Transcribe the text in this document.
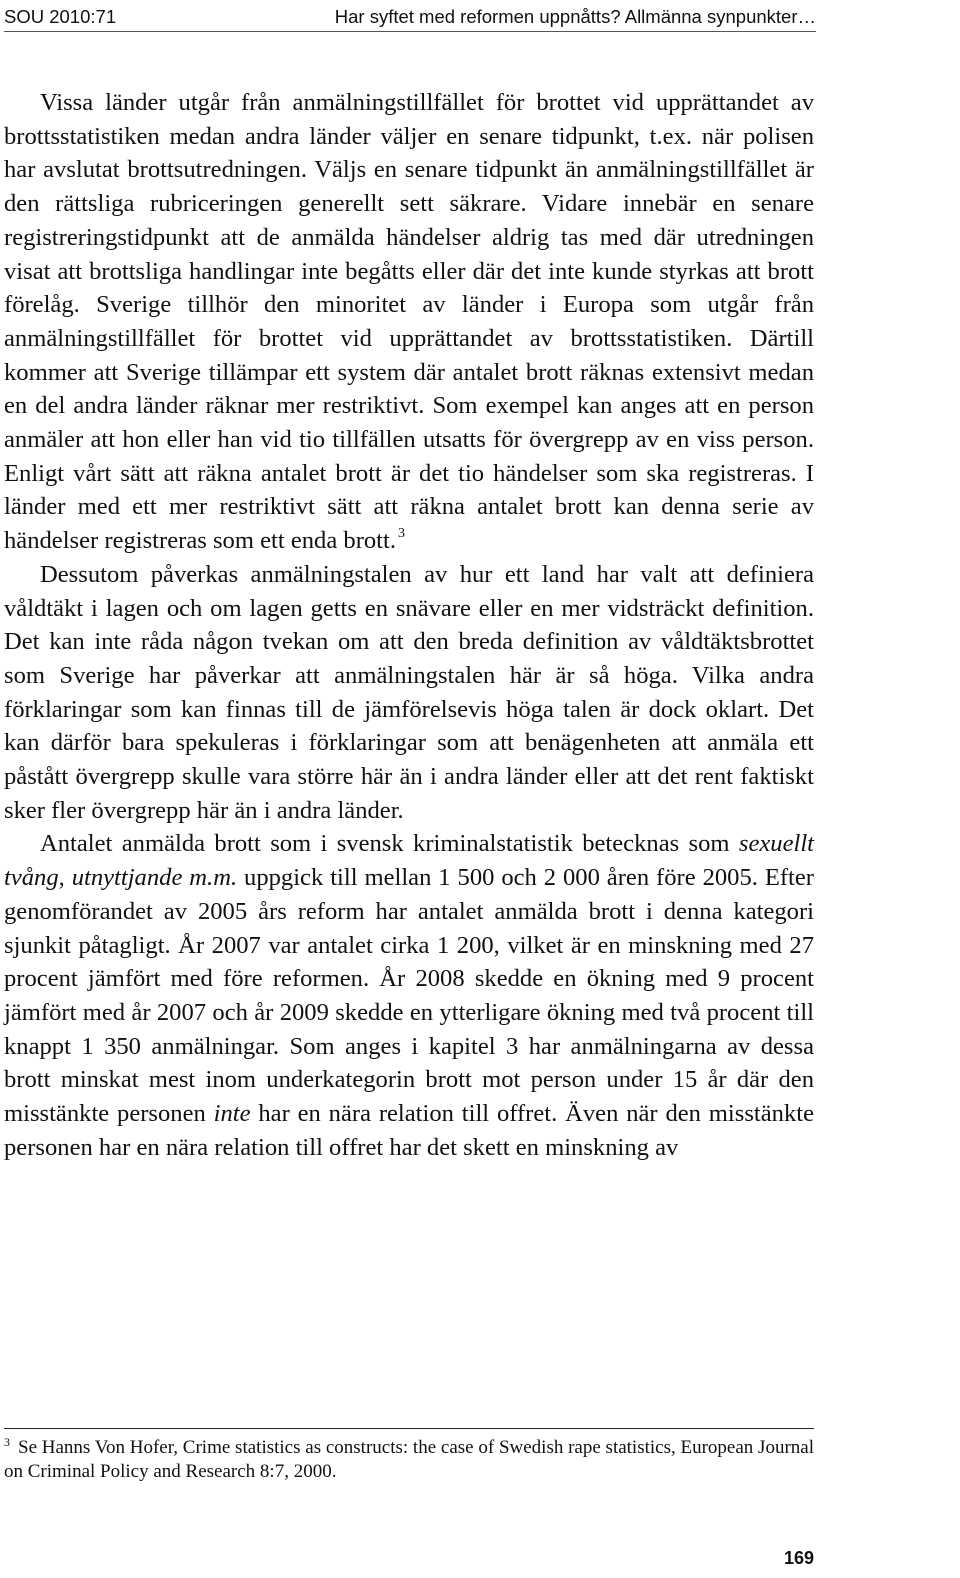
SOU 2010:71	Har syftet med reformen uppnåtts? Allmänna synpunkter…

Vissa länder utgår från anmälningstillfället för brottet vid upprättandet av brottsstatistiken medan andra länder väljer en senare tidpunkt, t.ex. när polisen har avslutat brottsutredningen. Väljs en senare tidpunkt än anmälningstillfället är den rättsliga rubriceringen generellt sett säkrare. Vidare innebär en senare registreringstidpunkt att de anmälda händelser aldrig tas med där utredningen visat att brottsliga handlingar inte begåtts eller där det inte kunde styrkas att brott förelåg. Sverige tillhör den minoritet av länder i Europa som utgår från anmälningstillfället för brottet vid upprättandet av brottsstatistiken. Därtill kommer att Sverige tillämpar ett system där antalet brott räknas extensivt medan en del andra länder räknar mer restriktivt. Som exempel kan anges att en person anmäler att hon eller han vid tio tillfällen utsatts för övergrepp av en viss person. Enligt vårt sätt att räkna antalet brott är det tio händelser som ska registreras. I länder med ett mer restriktivt sätt att räkna antalet brott kan denna serie av händelser registreras som ett enda brott. $^3$

Dessutom påverkas anmälningstalen av hur ett land har valt att definiera våldtäkt i lagen och om lagen getts en snävare eller en mer vidsträckt definition. Det kan inte råda någon tvekan om att den breda definition av våldtäktsbrottet som Sverige har påverkar att anmälningstalen här är så höga. Vilka andra förklaringar som kan finnas till de jämförelsevis höga talen är dock oklart. Det kan därför bara spekuleras i förklaringar som att benägenheten att anmäla ett påstått övergrepp skulle vara större här än i andra länder eller att det rent faktiskt sker fler övergrepp här än i andra länder.

Antalet anmälda brott som i svensk kriminalstatistik betecknas som sexuellt tvång, utnyttjande m.m. uppgick till mellan 1 500 och 2 000 åren före 2005. Efter genomförandet av 2005 års reform har antalet anmälda brott i denna kategori sjunkit påtagligt. År 2007 var antalet cirka 1 200, vilket är en minskning med 27 procent jämfört med före reformen. År 2008 skedde en ökning med 9 procent jämfört med år 2007 och år 2009 skedde en ytterligare ökning med två procent till knappt 1 350 anmälningar. Som anges i kapitel 3 har anmälningarna av dessa brott minskat mest inom underkategorin brott mot person under 15 år där den misstänkte personen inte har en nära relation till offret. Även när den misstänkte personen har en nära relation till offret har det skett en minskning av

$^3$ Se Hanns Von Hofer, Crime statistics as constructs: the case of Swedish rape statistics, European Journal on Criminal Policy and Research 8:7, 2000.
169
